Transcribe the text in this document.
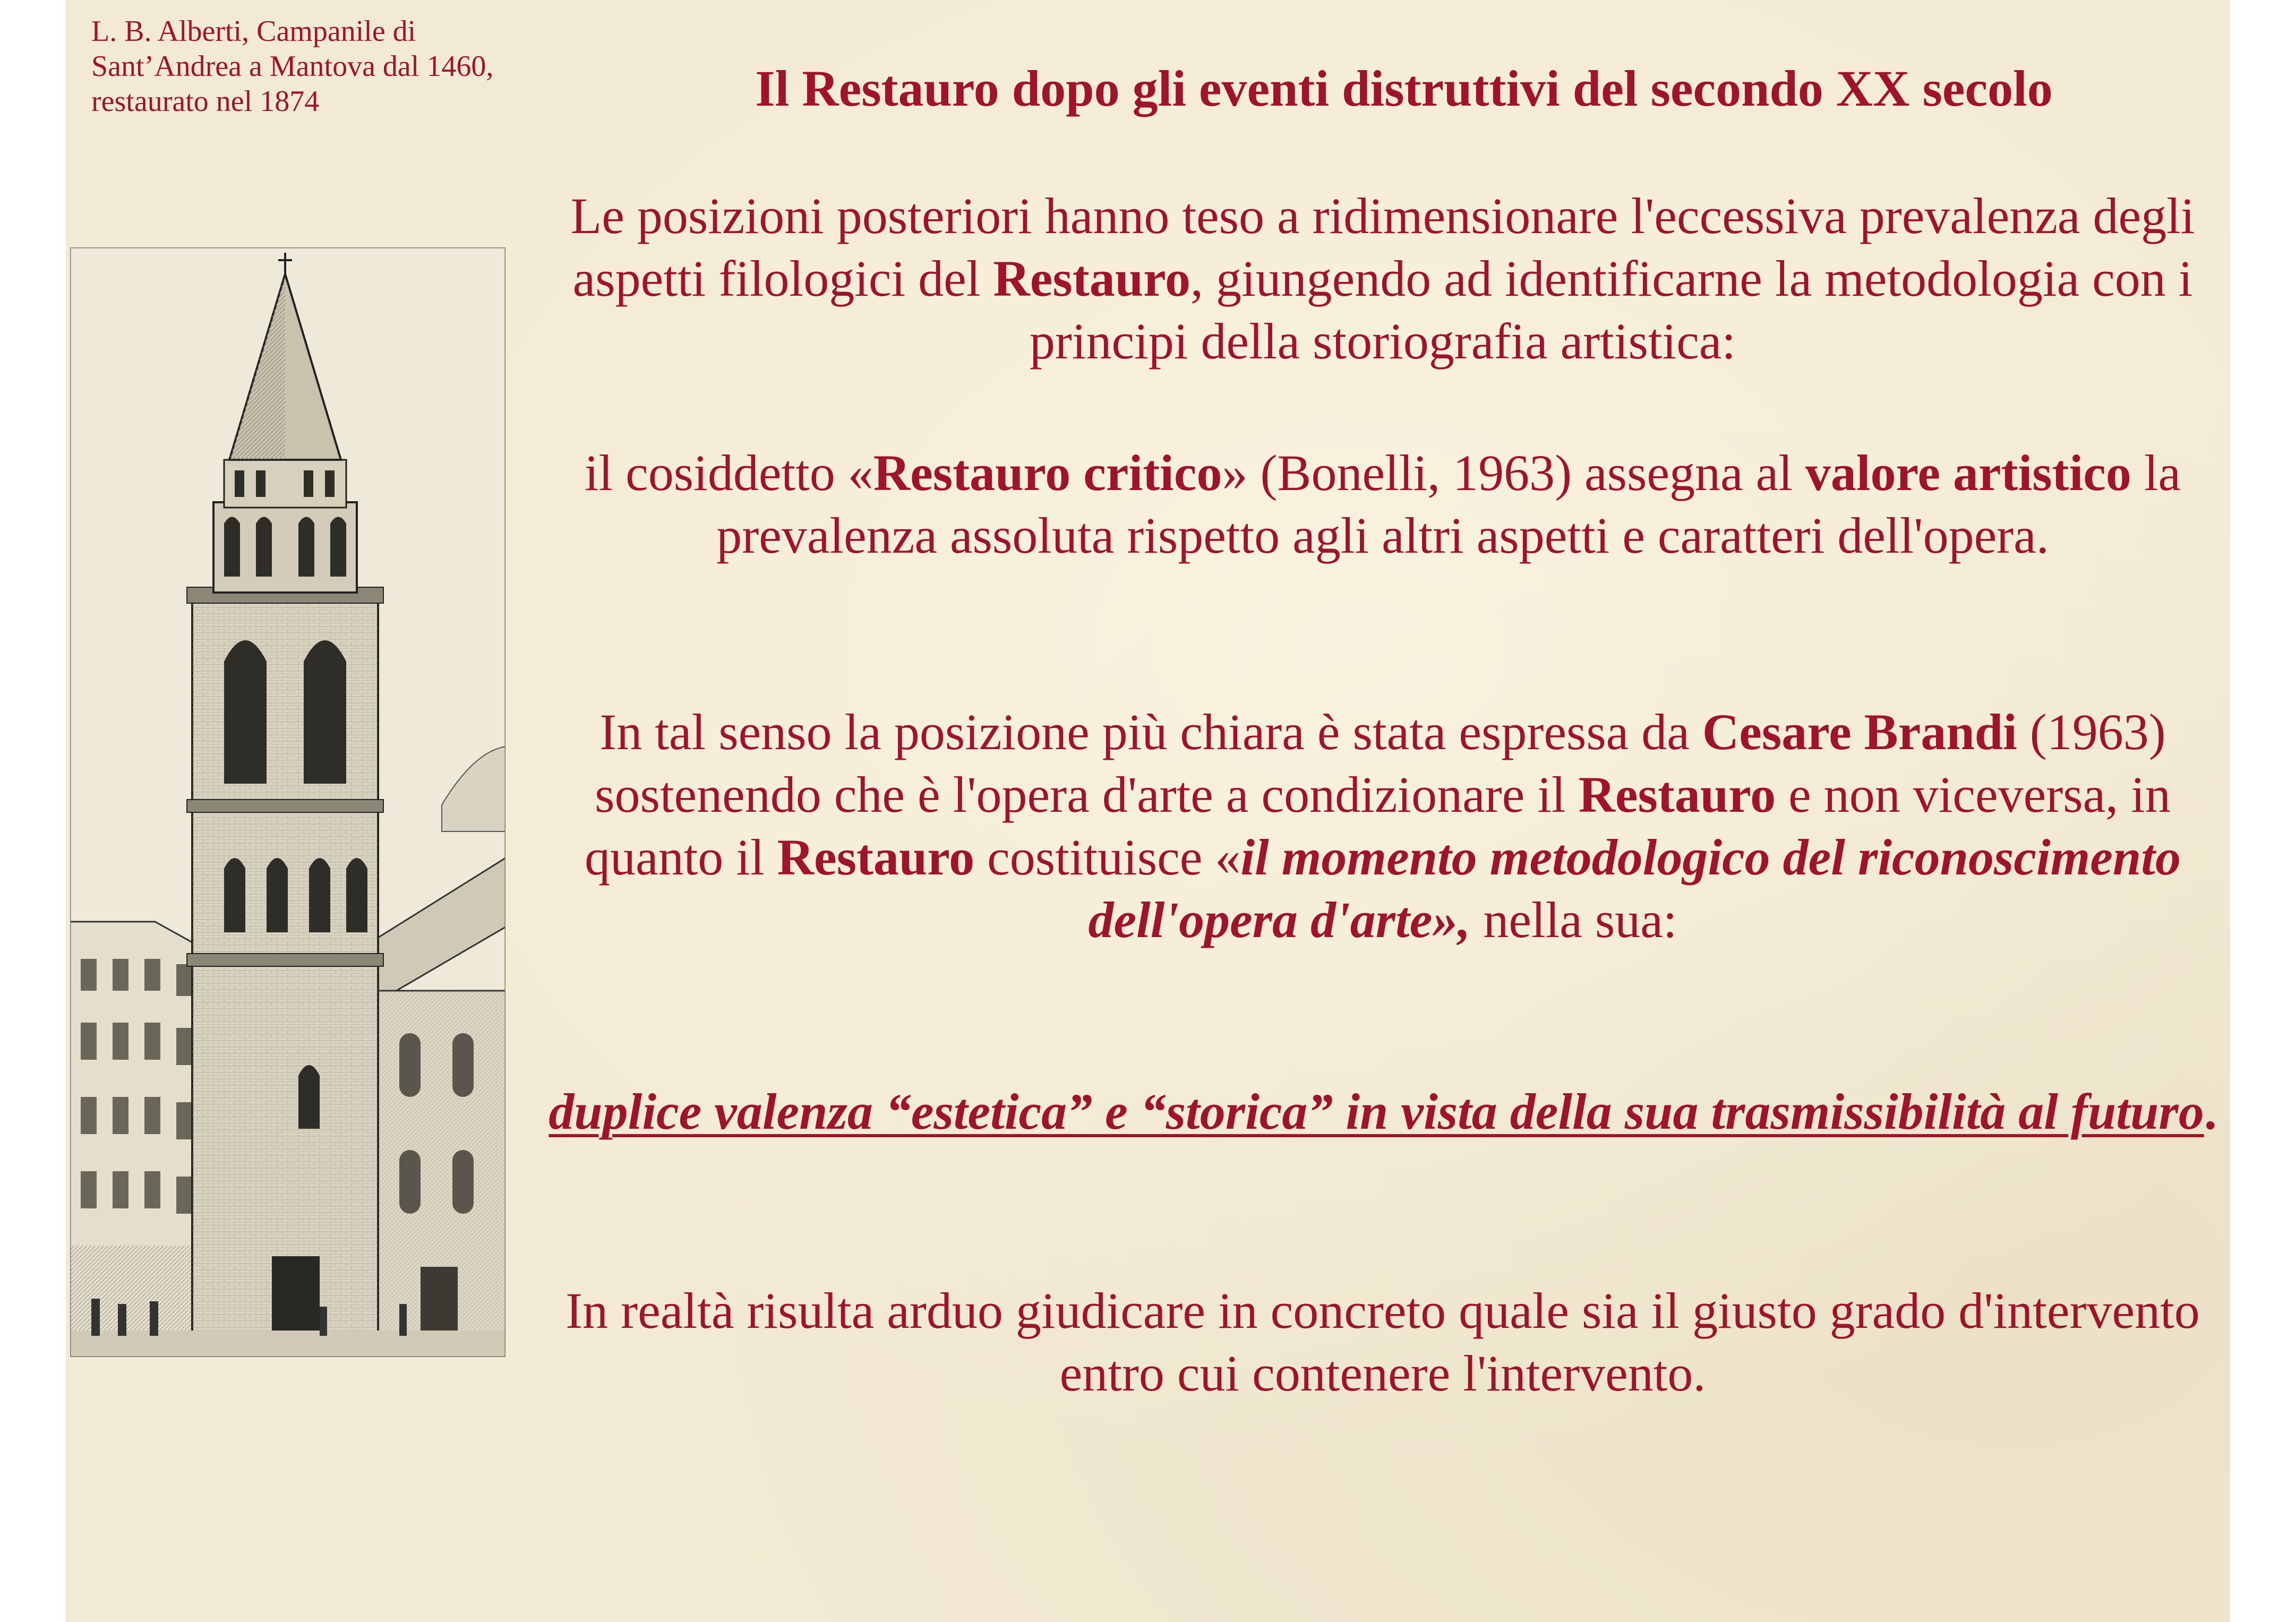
L. B. Alberti, Campanile di Sant’Andrea a Mantova dal 1460, restaurato nel 1874	Il Restauro dopo gli eventi distruttivi del secondo XX secolo

Le posizioni posteriori hanno teso a ridimensionare l'eccessiva prevalenza degli aspetti filologici del Restauro, giungendo ad identificarne la metodologia con i principi della storiografia artistica:

il cosiddetto «Restauro critico» (Bonelli, 1963) assegna al valore artistico la prevalenza assoluta rispetto agli altri aspetti e caratteri dell'opera.

In tal senso la posizione più chiara è stata espressa da Cesare Brandi (1963) sostenendo che è l'opera d'arte a condizionare il Restauro e non viceversa, in quanto il Restauro costituisce «il momento metodologico del riconoscimento dell'opera d'arte», nella sua:

duplice valenza “estetica” e “storica” in vista della sua trasmissibilità al futuro.

In realtà risulta arduo giudicare in concreto quale sia il giusto grado d'intervento entro cui contenere l'intervento.
